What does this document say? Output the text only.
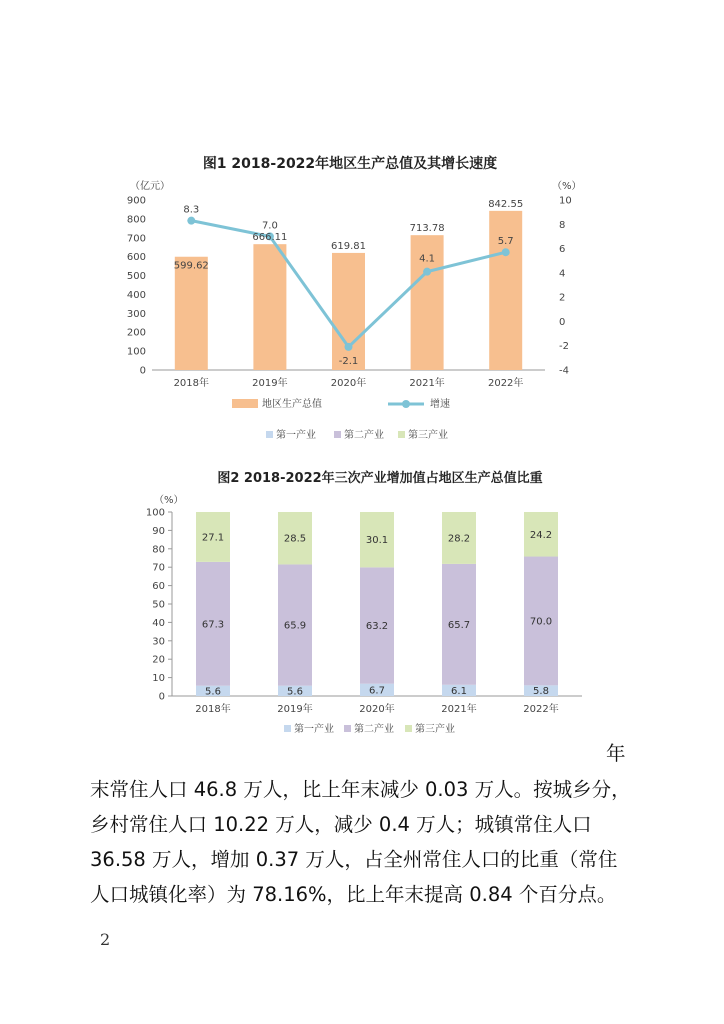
图1 2018-2022年地区生产总值及其增长速度
（亿元）	（%）
0
100
200
300
400
500
600
700
800
900
-4
-2
0
2
4
6
8
10
2018年	2019年	2020年	2021年	2022年
599.62
666.11
619.81
713.78
842.55
8.3
7.0
-2.1
4.1
5.7
地区生产总值	增速
第一产业	第二产业 第三产业
图2 2018-2022年三次产业增加值占地区生产总值比重
（%）
0
10
20
30
40
50
60
70
80
90
100
2018年	2019年	2020年	2021年	2022年
5.6
67.3
27.1
5.6
65.9
28.5
6.7
63.2
30.1
6.1
65.7
28.2
5.8
70.0
24.2
第一产业 第二产业 第三产业
年
末常住人口 46.8 万人，比上年末减少 0.03 万人。按城乡分，
乡村常住人口 10.22 万人，减少 0.4 万人；城镇常住人口
36.58 万人，增加 0.37 万人，占全州常住人口的比重（常住
人口城镇化率）为 78.16%，比上年末提高 0.84 个百分点。
2
